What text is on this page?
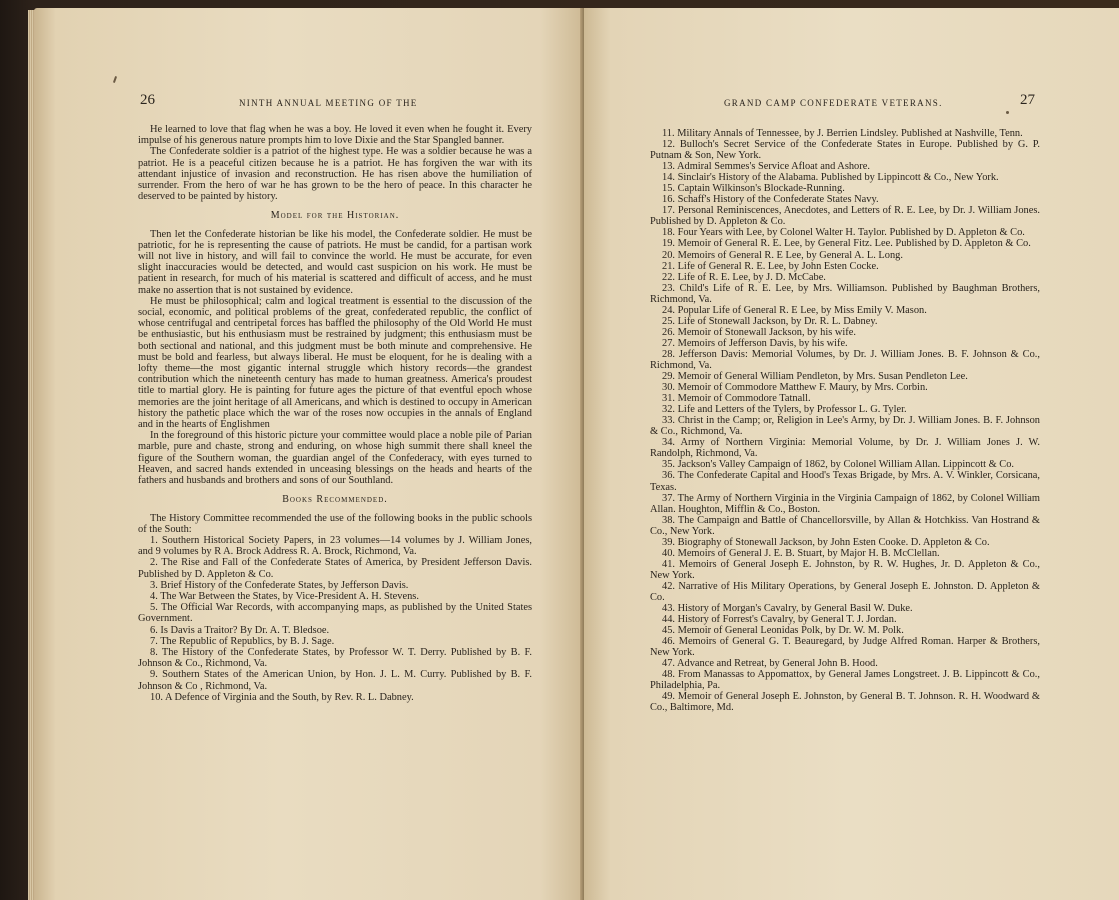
26	NINTH ANNUAL MEETING OF THE

He learned to love that flag when he was a boy. He loved it even when he fought it. Every impulse of his generous nature prompts him to love Dixie and the Star Spangled banner.

The Confederate soldier is a patriot of the highest type. He was a soldier because he was a patriot. He is a peaceful citizen because he is a patriot. He has forgiven the war with its attendant injustice of invasion and reconstruction. He has risen above the humiliation of surrender. From the hero of war he has grown to be the hero of peace. In this character he deserved to be painted by history.

Model for the Historian.

Then let the Confederate historian be like his model, the Confederate soldier. He must be patriotic, for he is representing the cause of patriots. He must be candid, for a partisan work will not live in history, and will fail to convince the world. He must be accurate, for even slight inaccuracies would be detected, and would cast suspicion on his work. He must be patient in research, for much of his material is scattered and difficult of access, and he must make no assertion that is not sustained by evidence.

He must be philosophical; calm and logical treatment is essential to the discussion of the social, economic, and political problems of the great, confederated republic, the conflict of whose centrifugal and centripetal forces has baffled the philosophy of the Old World He must be enthusiastic, but his enthusiasm must be restrained by judgment; this enthusiasm must be both sectional and national, and this judgment must be both minute and comprehensive. He must be bold and fearless, but always liberal. He must be eloquent, for he is dealing with a lofty theme—the most gigantic internal struggle which history records—the grandest contribution which the nineteenth century has made to human greatness. America's proudest title to martial glory. He is painting for future ages the picture of that eventful epoch whose memories are the joint heritage of all Americans, and which is destined to occupy in American history the pathetic place which the war of the roses now occupies in the annals of England and in the hearts of Englishmen

In the foreground of this historic picture your committee would place a noble pile of Parian marble, pure and chaste, strong and enduring, on whose high summit there shall kneel the figure of the Southern woman, the guardian angel of the Confederacy, with eyes turned to Heaven, and sacred hands extended in unceasing blessings on the heads and hearts of the fathers and husbands and brothers and sons of our Southland.

Books Recommended.

The History Committee recommended the use of the following books in the public schools of the South:

1. Southern Historical Society Papers, in 23 volumes—14 volumes by J. William Jones, and 9 volumes by R A. Brock Address R. A. Brock, Richmond, Va.
2. The Rise and Fall of the Confederate States of America, by President Jefferson Davis. Published by D. Appleton & Co.
3. Brief History of the Confederate States, by Jefferson Davis.
4. The War Between the States, by Vice-President A. H. Stevens.
5. The Official War Records, with accompanying maps, as published by the United States Government.
6. Is Davis a Traitor? By Dr. A. T. Bledsoe.
7. The Republic of Republics, by B. J. Sage.
8. The History of the Confederate States, by Professor W. T. Derry. Published by B. F. Johnson & Co., Richmond, Va.
9. Southern States of the American Union, by Hon. J. L. M. Curry. Published by B. F. Johnson & Co , Richmond, Va.
10. A Defence of Virginia and the South, by Rev. R. L. Dabney.
GRAND CAMP CONFEDERATE VETERANS.	27
11. Military Annals of Tennessee, by J. Berrien Lindsley. Published at Nashville, Tenn.
12. Bulloch's Secret Service of the Confederate States in Europe. Published by G. P. Putnam & Son, New York.
13. Admiral Semmes's Service Afloat and Ashore.
14. Sinclair's History of the Alabama. Published by Lippincott & Co., New York.
15. Captain Wilkinson's Blockade-Running.
16. Schaff's History of the Confederate States Navy.
17. Personal Reminiscences, Anecdotes, and Letters of R. E. Lee, by Dr. J. William Jones. Published by D. Appleton & Co.
18. Four Years with Lee, by Colonel Walter H. Taylor. Published by D. Appleton & Co.
19. Memoir of General R. E. Lee, by General Fitz. Lee. Published by D. Appleton & Co.
20. Memoirs of General R. E Lee, by General A. L. Long.
21. Life of General R. E. Lee, by John Esten Cocke.
22. Life of R. E. Lee, by J. D. McCabe.
23. Child's Life of R. E. Lee, by Mrs. Williamson. Published by Baughman Brothers, Richmond, Va.
24. Popular Life of General R. E Lee, by Miss Emily V. Mason.
25. Life of Stonewall Jackson, by Dr. R. L. Dabney.
26. Memoir of Stonewall Jackson, by his wife.
27. Memoirs of Jefferson Davis, by his wife.
28. Jefferson Davis: Memorial Volumes, by Dr. J. William Jones. B. F. Johnson & Co., Richmond, Va.
29. Memoir of General William Pendleton, by Mrs. Susan Pendleton Lee.
30. Memoir of Commodore Matthew F. Maury, by Mrs. Corbin.
31. Memoir of Commodore Tatnall.
32. Life and Letters of the Tylers, by Professor L. G. Tyler.
33. Christ in the Camp; or, Religion in Lee's Army, by Dr. J. William Jones. B. F. Johnson & Co., Richmond, Va.
34. Army of Northern Virginia: Memorial Volume, by Dr. J. William Jones J. W. Randolph, Richmond, Va.
35. Jackson's Valley Campaign of 1862, by Colonel William Allan. Lippincott & Co.
36. The Confederate Capital and Hood's Texas Brigade, by Mrs. A. V. Winkler, Corsicana, Texas.
37. The Army of Northern Virginia in the Virginia Campaign of 1862, by Colonel William Allan. Houghton, Mifflin & Co., Boston.
38. The Campaign and Battle of Chancellorsville, by Allan & Hotchkiss. Van Hostrand & Co., New York.
39. Biography of Stonewall Jackson, by John Esten Cooke. D. Appleton & Co.
40. Memoirs of General J. E. B. Stuart, by Major H. B. McClellan.
41. Memoirs of General Joseph E. Johnston, by R. W. Hughes, Jr. D. Appleton & Co., New York.
42. Narrative of His Military Operations, by General Joseph E. Johnston. D. Appleton & Co.
43. History of Morgan's Cavalry, by General Basil W. Duke.
44. History of Forrest's Cavalry, by General T. J. Jordan.
45. Memoir of General Leonidas Polk, by Dr. W. M. Polk.
46. Memoirs of General G. T. Beauregard, by Judge Alfred Roman. Harper & Brothers, New York.
47. Advance and Retreat, by General John B. Hood.
48. From Manassas to Appomattox, by General James Longstreet. J. B. Lippincott & Co., Philadelphia, Pa.
49. Memoir of General Joseph E. Johnston, by General B. T. Johnson. R. H. Woodward & Co., Baltimore, Md.
